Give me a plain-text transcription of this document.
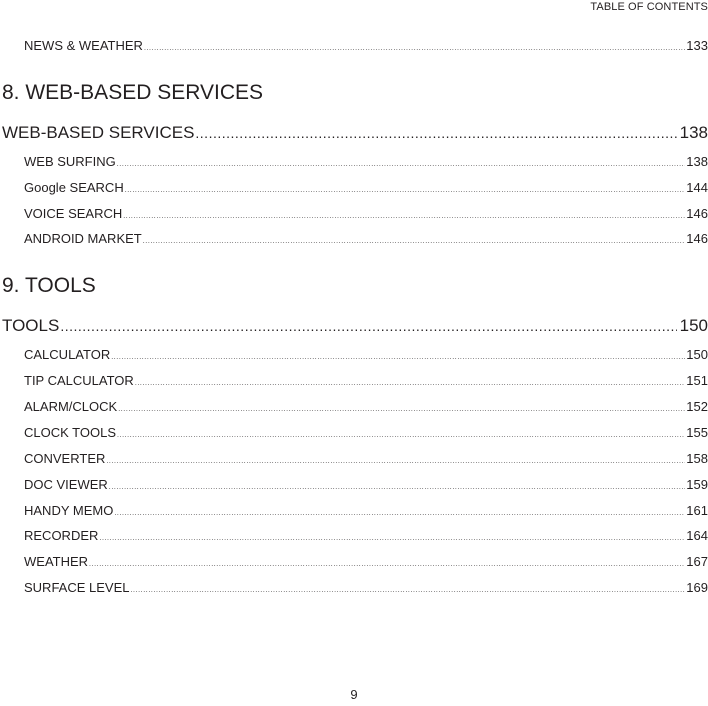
TABLE OF CONTENTS
NEWS & WEATHER .....	133
8. WEB-BASED SERVICES
WEB-BASED SERVICES .....	138
WEB SURFING .....	138
Google SEARCH .....	144
VOICE SEARCH .....	146
ANDROID MARKET .....	146
9. TOOLS
TOOLS .....	150
CALCULATOR .....	150
TIP CALCULATOR .....	151
ALARM/CLOCK .....	152
CLOCK TOOLS .....	155
CONVERTER .....	158
DOC VIEWER .....	159
HANDY MEMO .....	161
RECORDER .....	164
WEATHER .....	167
SURFACE LEVEL .....	169
9
